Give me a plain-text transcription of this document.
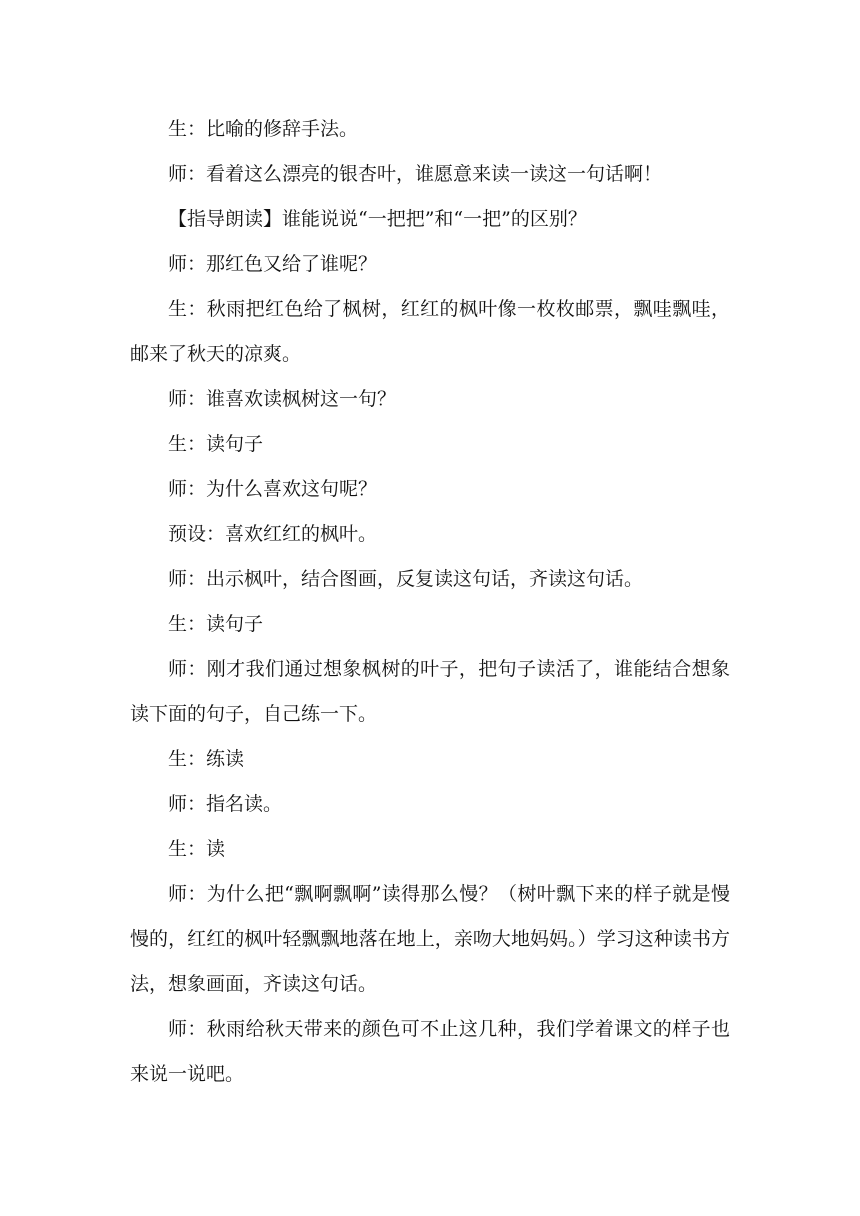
生：比喻的修辞手法。

师：看着这么漂亮的银杏叶，谁愿意来读一读这一句话啊！

【指导朗读】谁能说说“一把把”和“一把”的区别？

师：那红色又给了谁呢？

生：秋雨把红色给了枫树，红红的枫叶像一枚枚邮票，飘哇飘哇，邮来了秋天的凉爽。

师：谁喜欢读枫树这一句？

生：读句子

师：为什么喜欢这句呢？

预设：喜欢红红的枫叶。

师：出示枫叶，结合图画，反复读这句话，齐读这句话。

生：读句子

师：刚才我们通过想象枫树的叶子，把句子读活了，谁能结合想象读下面的句子，自己练一下。

生：练读

师：指名读。

生：读

师：为什么把“飘啊飘啊”读得那么慢？（树叶飘下来的样子就是慢慢的，红红的枫叶轻飘飘地落在地上，亲吻大地妈妈。）学习这种读书方法，想象画面，齐读这句话。

师：秋雨给秋天带来的颜色可不止这几种，我们学着课文的样子也来说一说吧。
